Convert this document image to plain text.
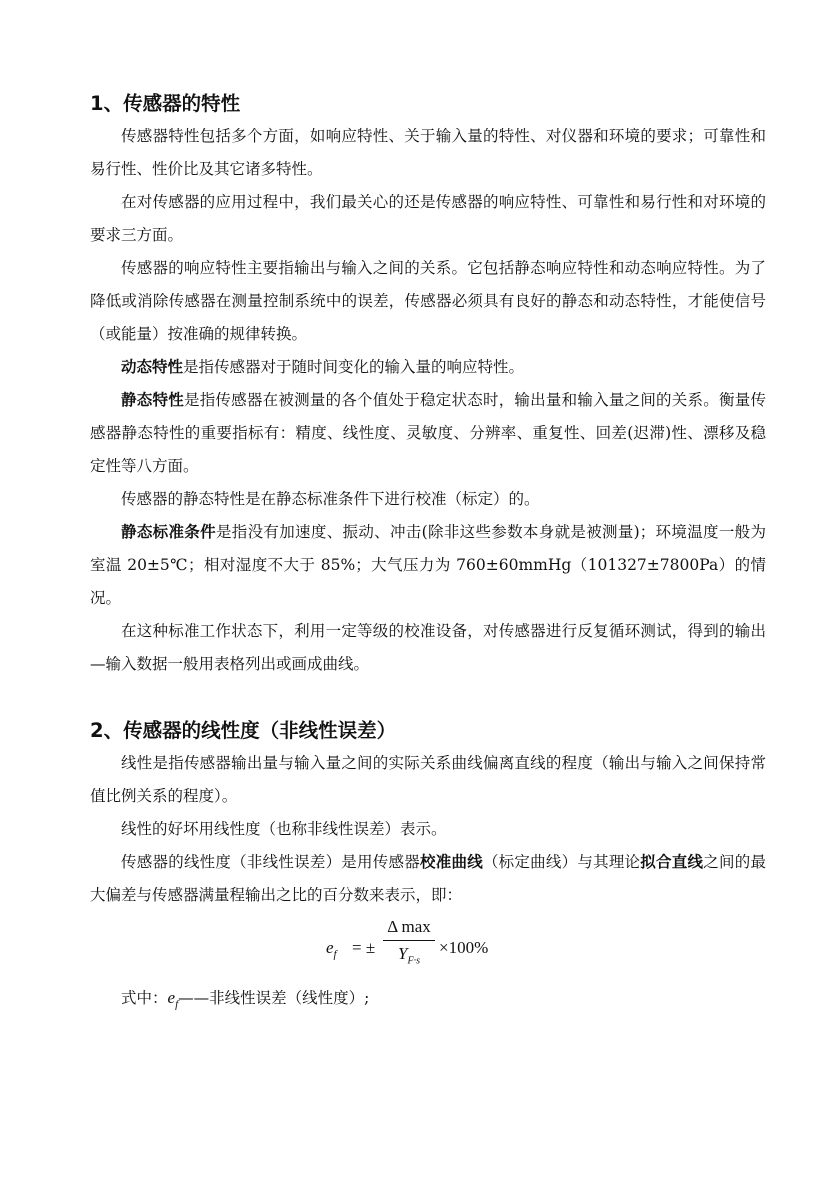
1、传感器的特性

传感器特性包括多个方面，如响应特性、关于输入量的特性、对仪器和环境的要求；可靠性和易行性、性价比及其它诸多特性。

在对传感器的应用过程中，我们最关心的还是传感器的响应特性、可靠性和易行性和对环境的要求三方面。

传感器的响应特性主要指输出与输入之间的关系。它包括静态响应特性和动态响应特性。为了降低或消除传感器在测量控制系统中的误差，传感器必须具有良好的静态和动态特性，才能使信号（或能量）按准确的规律转换。

动态特性是指传感器对于随时间变化的输入量的响应特性。

静态特性是指传感器在被测量的各个值处于稳定状态时，输出量和输入量之间的关系。衡量传感器静态特性的重要指标有：精度、线性度、灵敏度、分辨率、重复性、回差(迟滞)性、漂移及稳定性等八方面。

传感器的静态特性是在静态标准条件下进行校准（标定）的。

静态标准条件是指没有加速度、振动、冲击(除非这些参数本身就是被测量)；环境温度一般为室温 20±5℃；相对湿度不大于 85%；大气压力为 760±60mmHg（101327±7800Pa）的情况。

在这种标准工作状态下，利用一定等级的校准设备，对传感器进行反复循环测试，得到的输出—输入数据一般用表格列出或画成曲线。

2、传感器的线性度（非线性误差）

线性是指传感器输出量与输入量之间的实际关系曲线偏离直线的程度（输出与输入之间保持常值比例关系的程度）。

线性的好坏用线性度（也称非线性误差）表示。

传感器的线性度（非线性误差）是用传感器校准曲线（标定曲线）与其理论拟合直线之间的最大偏差与传感器满量程输出之比的百分数来表示，即：

$e_f$ = ±
Δ max
$Y_{F\cdot s}$
×100%

式中：$e_f——$非线性误差（线性度）;
